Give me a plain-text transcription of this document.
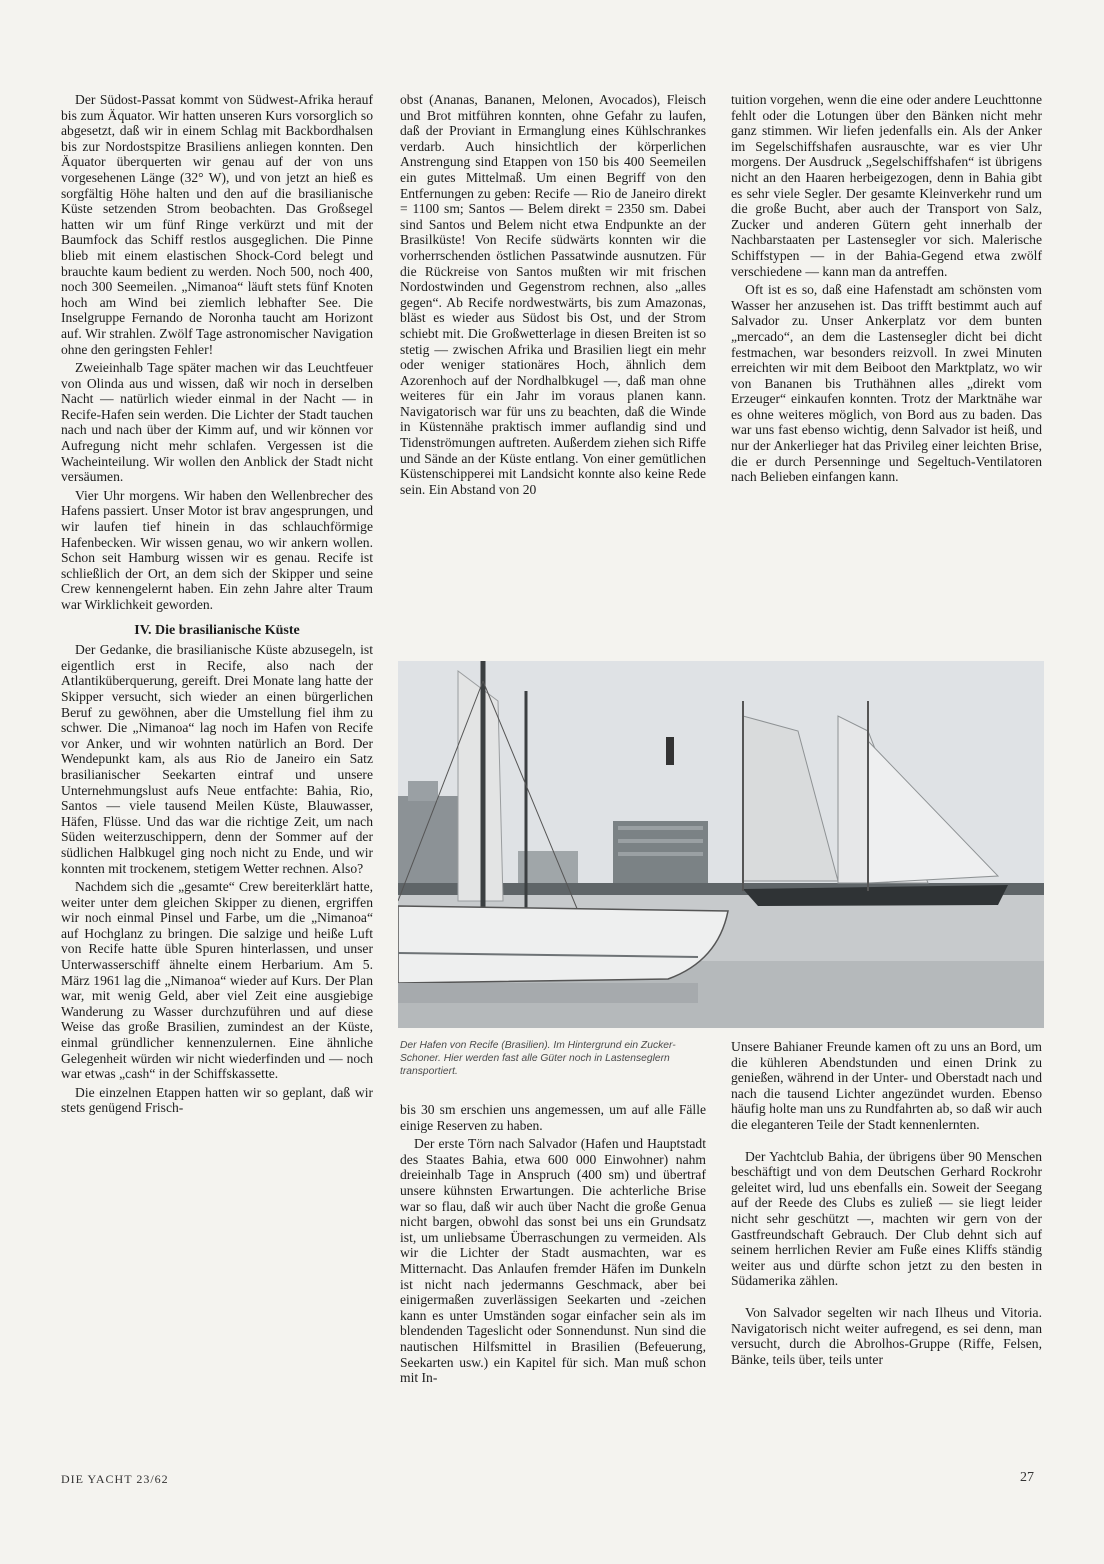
Der Südost-Passat kommt von Südwest-Afrika herauf bis zum Äquator. Wir hatten unseren Kurs vorsorglich so abgesetzt, daß wir in einem Schlag mit Backbordhalsen bis zur Nordostspitze Brasiliens anliegen konnten. Den Äquator überquerten wir genau auf der von uns vorgesehenen Länge (32° W), und von jetzt an hieß es sorgfältig Höhe halten und den auf die brasilianische Küste setzenden Strom beobachten. Das Großsegel hatten wir um fünf Ringe verkürzt und mit der Baumfock das Schiff restlos ausgeglichen. Die Pinne blieb mit einem elastischen Shock-Cord belegt und brauchte kaum bedient zu werden. Noch 500, noch 400, noch 300 Seemeilen. „Nimanoa“ läuft stets fünf Knoten hoch am Wind bei ziemlich lebhafter See. Die Inselgruppe Fernando de Noronha taucht am Horizont auf. Wir strahlen. Zwölf Tage astronomischer Navigation ohne den geringsten Fehler!

Zweieinhalb Tage später machen wir das Leuchtfeuer von Olinda aus und wissen, daß wir noch in derselben Nacht — natürlich wieder einmal in der Nacht — in Recife-Hafen sein werden. Die Lichter der Stadt tauchen nach und nach über der Kimm auf, und wir können vor Aufregung nicht mehr schlafen. Vergessen ist die Wacheinteilung. Wir wollen den Anblick der Stadt nicht versäumen.

Vier Uhr morgens. Wir haben den Wellenbrecher des Hafens passiert. Unser Motor ist brav angesprungen, und wir laufen tief hinein in das schlauchförmige Hafenbecken. Wir wissen genau, wo wir ankern wollen. Schon seit Hamburg wissen wir es genau. Recife ist schließlich der Ort, an dem sich der Skipper und seine Crew kennengelernt haben. Ein zehn Jahre alter Traum war Wirklichkeit geworden.

IV. Die brasilianische Küste

Der Gedanke, die brasilianische Küste abzusegeln, ist eigentlich erst in Recife, also nach der Atlantiküberquerung, gereift. Drei Monate lang hatte der Skipper versucht, sich wieder an einen bürgerlichen Beruf zu gewöhnen, aber die Umstellung fiel ihm zu schwer. Die „Nimanoa“ lag noch im Hafen von Recife vor Anker, und wir wohnten natürlich an Bord. Der Wendepunkt kam, als aus Rio de Janeiro ein Satz brasilianischer Seekarten eintraf und unsere Unternehmungslust aufs Neue entfachte: Bahia, Rio, Santos — viele tausend Meilen Küste, Blauwasser, Häfen, Flüsse. Und das war die richtige Zeit, um nach Süden weiterzuschippern, denn der Sommer auf der südlichen Halbkugel ging noch nicht zu Ende, und wir konnten mit trockenem, stetigem Wetter rechnen. Also?

Nachdem sich die „gesamte“ Crew bereiterklärt hatte, weiter unter dem gleichen Skipper zu dienen, ergriffen wir noch einmal Pinsel und Farbe, um die „Nimanoa“ auf Hochglanz zu bringen. Die salzige und heiße Luft von Recife hatte üble Spuren hinterlassen, und unser Unterwasserschiff ähnelte einem Herbarium. Am 5. März 1961 lag die „Nimanoa“ wieder auf Kurs. Der Plan war, mit wenig Geld, aber viel Zeit eine ausgiebige Wanderung zu Wasser durchzuführen und auf diese Weise das große Brasilien, zumindest an der Küste, einmal gründlicher kennenzulernen. Eine ähnliche Gelegenheit würden wir nicht wiederfinden und — noch war etwas „cash“ in der Schiffskassette.

Die einzelnen Etappen hatten wir so geplant, daß wir stets genügend Frisch-

obst (Ananas, Bananen, Melonen, Avocados), Fleisch und Brot mitführen konnten, ohne Gefahr zu laufen, daß der Proviant in Ermanglung eines Kühlschrankes verdarb. Auch hinsichtlich der körperlichen Anstrengung sind Etappen von 150 bis 400 Seemeilen ein gutes Mittelmaß. Um einen Begriff von den Entfernungen zu geben: Recife — Rio de Janeiro direkt = 1100 sm; Santos — Belem direkt = 2350 sm. Dabei sind Santos und Belem nicht etwa Endpunkte an der Brasilküste! Von Recife südwärts konnten wir die vorherrschenden östlichen Passatwinde ausnutzen. Für die Rückreise von Santos mußten wir mit frischen Nordostwinden und Gegenstrom rechnen, also „alles gegen“. Ab Recife nordwestwärts, bis zum Amazonas, bläst es wieder aus Südost bis Ost, und der Strom schiebt mit. Die Großwetterlage in diesen Breiten ist so stetig — zwischen Afrika und Brasilien liegt ein mehr oder weniger stationäres Hoch, ähnlich dem Azorenhoch auf der Nordhalbkugel —, daß man ohne weiteres für ein Jahr im voraus planen kann. Navigatorisch war für uns zu beachten, daß die Winde in Küstennähe praktisch immer auflandig sind und Tidenströmungen auftreten. Außerdem ziehen sich Riffe und Sände an der Küste entlang. Von einer gemütlichen Küstenschipperei mit Landsicht konnte also keine Rede sein. Ein Abstand von 20

tuition vorgehen, wenn die eine oder andere Leuchttonne fehlt oder die Lotungen über den Bänken nicht mehr ganz stimmen. Wir liefen jedenfalls ein. Als der Anker im Segelschiffshafen ausrauschte, war es vier Uhr morgens. Der Ausdruck „Segelschiffshafen“ ist übrigens nicht an den Haaren herbeigezogen, denn in Bahia gibt es sehr viele Segler. Der gesamte Kleinverkehr rund um die große Bucht, aber auch der Transport von Salz, Zucker und anderen Gütern geht innerhalb der Nachbarstaaten per Lastensegler vor sich. Malerische Schiffstypen — in der Bahia-Gegend etwa zwölf verschiedene — kann man da antreffen.

Oft ist es so, daß eine Hafenstadt am schönsten vom Wasser her anzusehen ist. Das trifft bestimmt auch auf Salvador zu. Unser Ankerplatz vor dem bunten „mercado“, an dem die Lastensegler dicht bei dicht festmachen, war besonders reizvoll. In zwei Minuten erreichten wir mit dem Beiboot den Marktplatz, wo wir von Bananen bis Truthähnen alles „direkt vom Erzeuger“ einkaufen konnten. Trotz der Marktnähe war es ohne weiteres möglich, von Bord aus zu baden. Das war uns fast ebenso wichtig, denn Salvador ist heiß, und nur der Ankerlieger hat das Privileg einer leichten Brise, die er durch Persenninge und Segeltuch-Ventilatoren nach Belieben einfangen kann.

Der Hafen von Recife (Brasilien). Im Hintergrund ein Zucker-Schoner. Hier werden fast alle Güter noch in Lastenseglern transportiert.

bis 30 sm erschien uns angemessen, um auf alle Fälle einige Reserven zu haben.

Der erste Törn nach Salvador (Hafen und Hauptstadt des Staates Bahia, etwa 600 000 Einwohner) nahm dreieinhalb Tage in Anspruch (400 sm) und übertraf unsere kühnsten Erwartungen. Die achterliche Brise war so flau, daß wir auch über Nacht die große Genua nicht bargen, obwohl das sonst bei uns ein Grundsatz ist, um unliebsame Überraschungen zu vermeiden. Als wir die Lichter der Stadt ausmachten, war es Mitternacht. Das Anlaufen fremder Häfen im Dunkeln ist nicht nach jedermanns Geschmack, aber bei einigermaßen zuverlässigen Seekarten und -zeichen kann es unter Umständen sogar einfacher sein als im blendenden Tageslicht oder Sonnendunst. Nun sind die nautischen Hilfsmittel in Brasilien (Befeuerung, Seekarten usw.) ein Kapitel für sich. Man muß schon mit In-

Unsere Bahianer Freunde kamen oft zu uns an Bord, um die kühleren Abendstunden und einen Drink zu genießen, während in der Unter- und Oberstadt nach und nach die tausend Lichter angezündet wurden. Ebenso häufig holte man uns zu Rundfahrten ab, so daß wir auch die eleganteren Teile der Stadt kennenlernten.

Der Yachtclub Bahia, der übrigens über 90 Menschen beschäftigt und von dem Deutschen Gerhard Rockrohr geleitet wird, lud uns ebenfalls ein. Soweit der Seegang auf der Reede des Clubs es zuließ — sie liegt leider nicht sehr geschützt —, machten wir gern von der Gastfreundschaft Gebrauch. Der Club dehnt sich auf seinem herrlichen Revier am Fuße eines Kliffs ständig weiter aus und dürfte schon jetzt zu den besten in Südamerika zählen.

Von Salvador segelten wir nach Ilheus und Vitoria. Navigatorisch nicht weiter aufregend, es sei denn, man versucht, durch die Abrolhos-Gruppe (Riffe, Felsen, Bänke, teils über, teils unter

DIE YACHT 23/62	27
